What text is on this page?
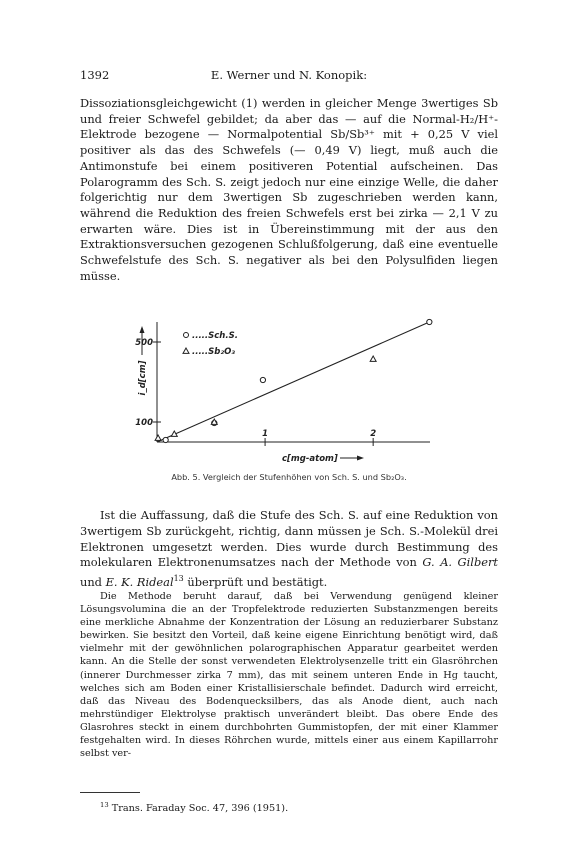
1392	E. Werner und N. Konopik:
Dissoziationsgleichgewicht (1) werden in gleicher Menge 3wertiges Sb und freier Schwefel gebildet; da aber das — auf die Normal-H₂/H⁺-Elektrode bezogene — Normalpotential Sb/Sb³⁺ mit + 0,25 V viel positiver als das des Schwefels (— 0,49 V) liegt, muß auch die Antimonstufe bei einem positiveren Potential aufscheinen. Das Polarogramm des Sch. S. zeigt jedoch nur eine einzige Welle, die daher folgerichtig nur dem 3wertigen Sb zugeschrieben werden kann, während die Reduktion des freien Schwefels erst bei zirka — 2,1 V zu erwarten wäre. Dies ist in Übereinstimmung mit der aus den Extraktionsversuchen gezogenen Schlußfolgerung, daß eine eventuelle Schwefelstufe des Sch. S. negativer als bei den Polysulfiden liegen müsse.
100
500
1	2
.....Sch.S.
.....Sb₂O₃
i_d[cm]
c[mg-atom]
Abb. 5. Vergleich der Stufenhöhen von Sch. S. und Sb₂O₃.
Ist die Auffassung, daß die Stufe des Sch. S. auf eine Reduktion von 3wertigem Sb zurückgeht, richtig, dann müssen je Sch. S.-Molekül drei Elektronen umgesetzt werden. Dies wurde durch Bestimmung des molekularen Elektronenumsatzes nach der Methode von G. A. Gilbert und E. K. Rideal$^{13}$ überprüft und bestätigt.
Die Methode beruht darauf, daß bei Verwendung genügend kleiner Lösungsvolumina die an der Tropfelektrode reduzierten Substanzmengen bereits eine merkliche Abnahme der Konzentration der Lösung an reduzierbarer Substanz bewirken. Sie besitzt den Vorteil, daß keine eigene Einrichtung benötigt wird, daß vielmehr mit der gewöhnlichen polarographischen Apparatur gearbeitet werden kann. An die Stelle der sonst verwendeten Elektrolysenzelle tritt ein Glasröhrchen (innerer Durchmesser zirka 7 mm), das mit seinem unteren Ende in Hg taucht, welches sich am Boden einer Kristallisierschale befindet. Dadurch wird erreicht, daß das Niveau des Bodenquecksilbers, das als Anode dient, auch nach mehrstündiger Elektrolyse praktisch unverändert bleibt. Das obere Ende des Glasrohres steckt in einem durchbohrten Gummistopfen, der mit einer Klammer festgehalten wird. In dieses Röhrchen wurde, mittels einer aus einem Kapillarrohr selbst ver-
$^{13}$ Trans. Faraday Soc. 47, 396 (1951).
